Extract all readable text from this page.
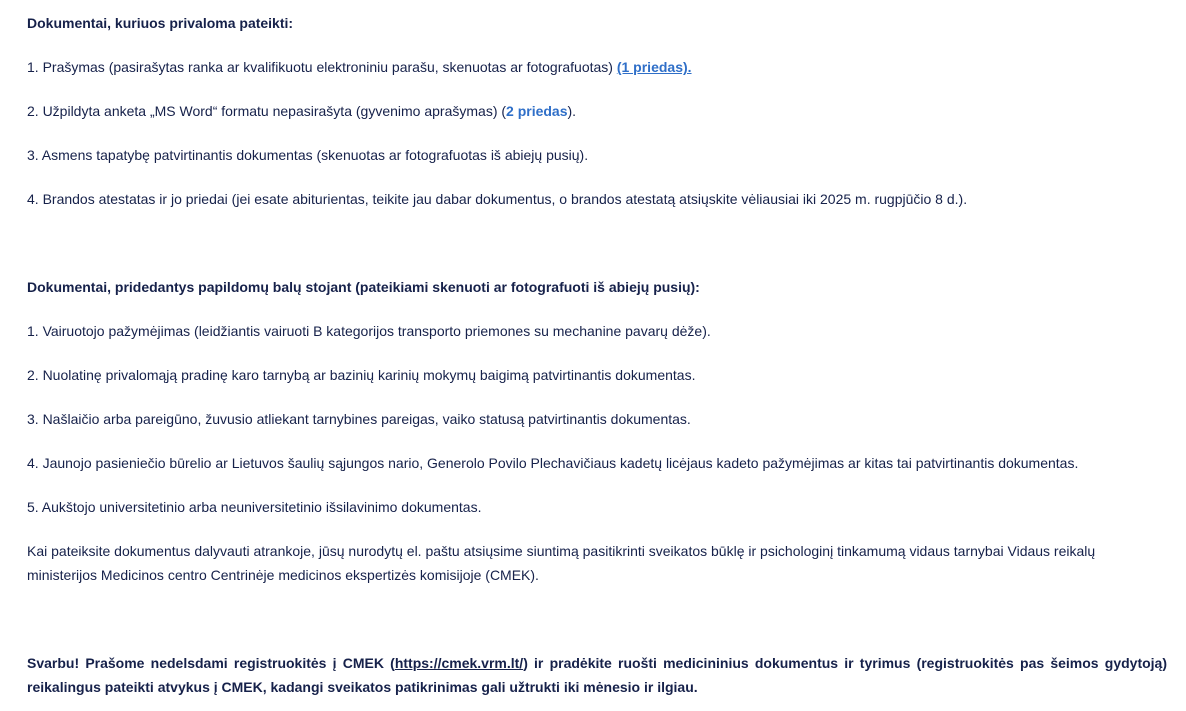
Dokumentai, kuriuos privaloma pateikti:
1. Prašymas (pasirašytas ranka ar kvalifikuotu elektroniniu parašu, skenuotas ar fotografuotas) (1 priedas).
2. Užpildyta anketa „MS Word“ formatu nepasirašyta (gyvenimo aprašymas) (2 priedas).
3. Asmens tapatybę patvirtinantis dokumentas (skenuotas ar fotografuotas iš abiejų pusių).
4. Brandos atestatas ir jo priedai (jei esate abiturientas, teikite jau dabar dokumentus, o brandos atestatą atsiųskite vėliausiai iki 2025 m. rugpjūčio 8 d.).
Dokumentai, pridedantys papildomų balų stojant (pateikiami skenuoti ar fotografuoti iš abiejų pusių):
1. Vairuotojo pažymėjimas (leidžiantis vairuoti B kategorijos transporto priemones su mechanine pavarų dėže).
2. Nuolatinę privalomąją pradinę karo tarnybą ar bazinių karinių mokymų baigimą patvirtinantis dokumentas.
3. Našlaičio arba pareigūno, žuvusio atliekant tarnybines pareigas, vaiko statusą patvirtinantis dokumentas.
4. Jaunojo pasieniečio būrelio ar Lietuvos šaulių sąjungos nario, Generolo Povilo Plechavičiaus kadetų licėjaus kadeto pažymėjimas ar kitas tai patvirtinantis dokumentas.
5. Aukštojo universitetinio arba neuniversitetinio išsilavinimo dokumentas.
Kai pateiksite dokumentus dalyvauti atrankoje, jūsų nurodytų el. paštu atsiųsime siuntimą pasitikrinti sveikatos būklę ir psichologinį tinkamumą vidaus tarnybai Vidaus reikalų ministerijos Medicinos centro Centrinėje medicinos ekspertizės komisijoje (CMEK).
Svarbu! Prašome nedelsdami registruokitės į CMEK (https://cmek.vrm.lt/) ir pradėkite ruošti medicininius dokumentus ir tyrimus (registruokitės pas šeimos gydytoją) reikalingus pateikti atvykus į CMEK, kadangi sveikatos patikrinimas gali užtrukti iki mėnesio ir ilgiau.
